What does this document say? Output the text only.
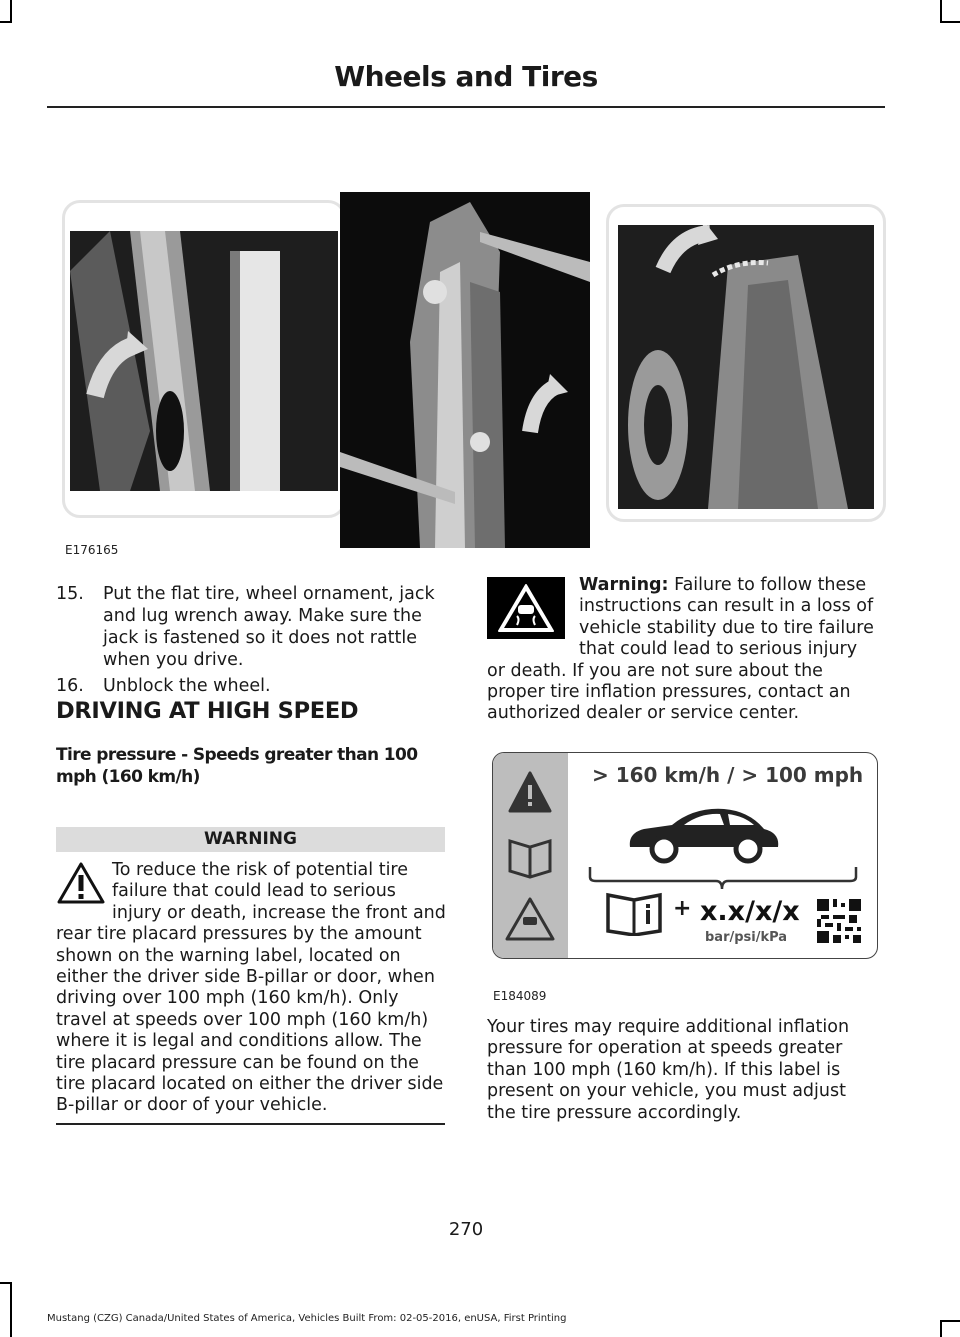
Wheels and Tires
E176165
15. Put the flat tire, wheel ornament, jack and lug wrench away. Make sure the jack is fastened so it does not rattle when you drive.
16. Unblock the wheel.
DRIVING AT HIGH SPEED
Tire pressure - Speeds greater than 100 mph (160 km/h)
WARNING
To reduce the risk of potential tire failure that could lead to serious injury or death, increase the front and rear tire placard pressures by the amount shown on the warning label, located on either the driver side B-pillar or door, when driving over 100 mph (160 km/h). Only travel at speeds over 100 mph (160 km/h) where it is legal and conditions allow. The tire placard pressure can be found on the tire placard located on either the driver side B-pillar or door of your vehicle.
Warning: Failure to follow these instructions can result in a loss of vehicle stability due to tire failure that could lead to serious injury or death. If you are not sure about the proper tire inflation pressures, contact an authorized dealer or service center.
> 160 km/h / > 100 mph
+ x.x/x/x
bar/psi/kPa
E184089
Your tires may require additional inflation pressure for operation at speeds greater than 100 mph (160 km/h). If this label is present on your vehicle, you must adjust the tire pressure accordingly.
270
Mustang (CZG) Canada/United States of America, Vehicles Built From: 02-05-2016, enUSA, First Printing
